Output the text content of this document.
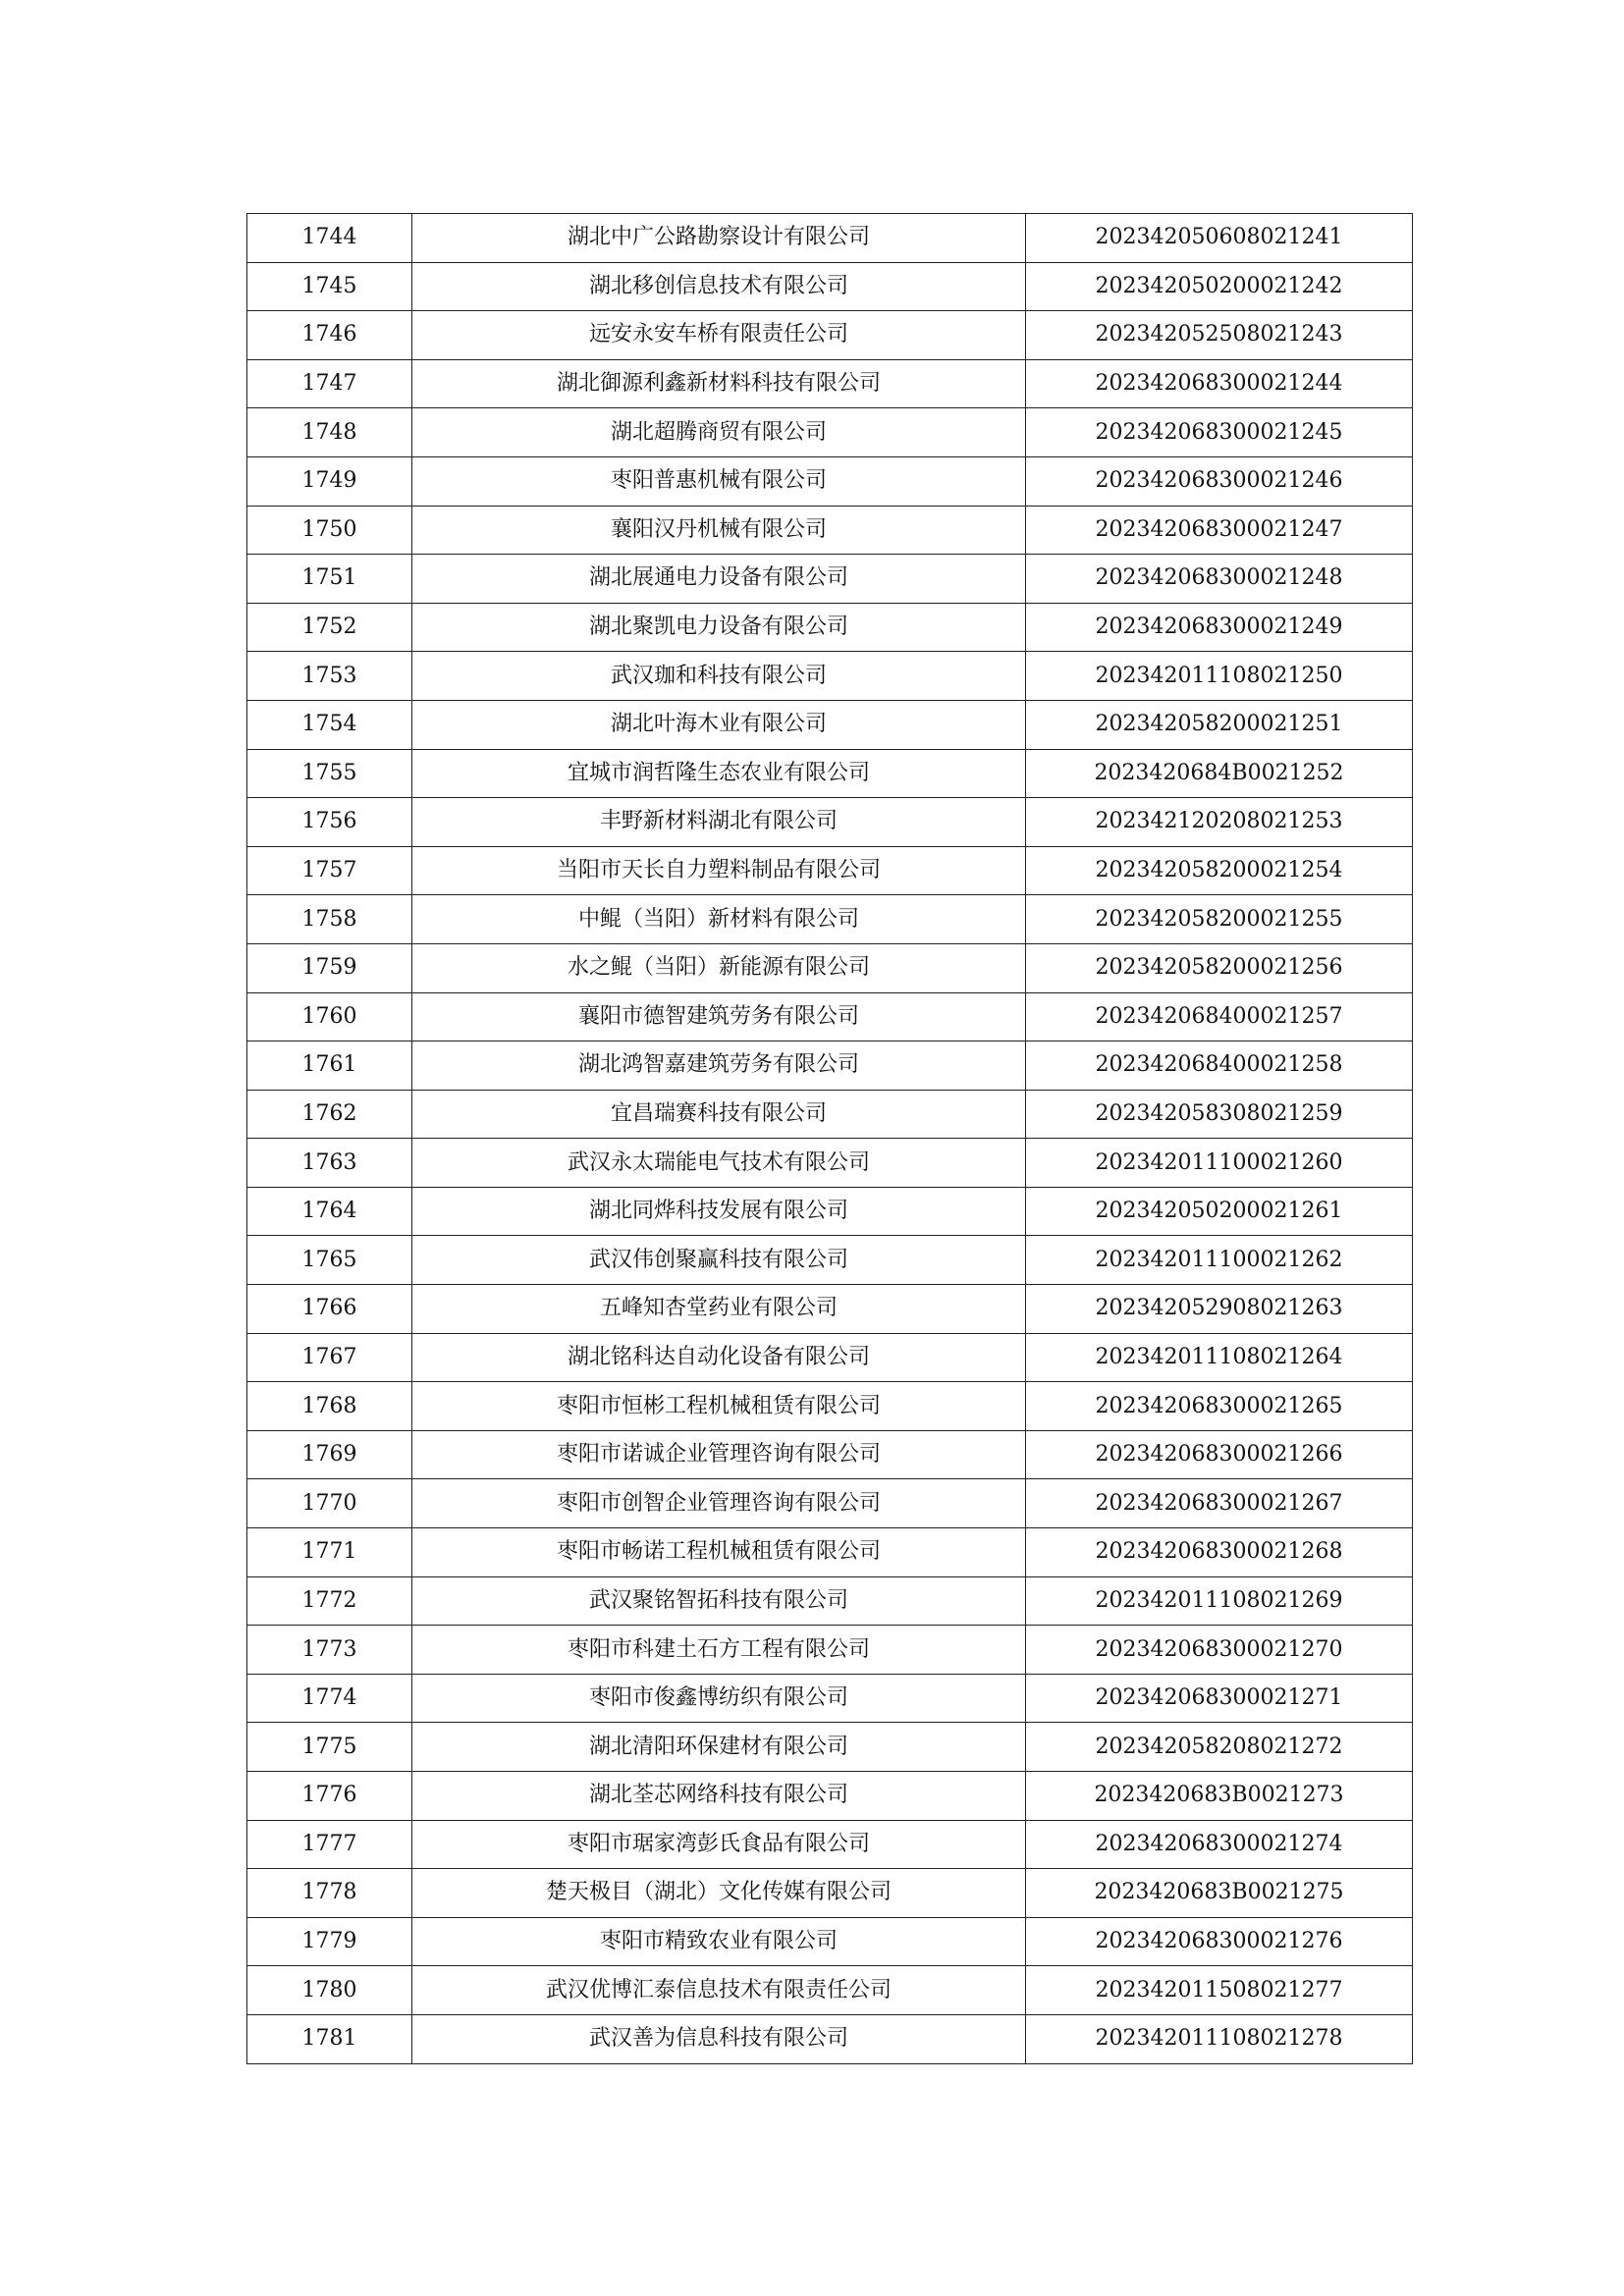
1744	湖北中广公路勘察设计有限公司	202342050608021241
1745	湖北移创信息技术有限公司	202342050200021242
1746	远安永安车桥有限责任公司	202342052508021243
1747	湖北御源利鑫新材料科技有限公司	202342068300021244
1748	湖北超腾商贸有限公司	202342068300021245
1749	枣阳普惠机械有限公司	202342068300021246
1750	襄阳汉丹机械有限公司	202342068300021247
1751	湖北展通电力设备有限公司	202342068300021248
1752	湖北聚凯电力设备有限公司	202342068300021249
1753	武汉珈和科技有限公司	202342011108021250
1754	湖北叶海木业有限公司	202342058200021251
1755	宜城市润哲隆生态农业有限公司	2023420684B0021252
1756	丰野新材料湖北有限公司	202342120208021253
1757	当阳市天长自力塑料制品有限公司	202342058200021254
1758	中鲲（当阳）新材料有限公司	202342058200021255
1759	水之鲲（当阳）新能源有限公司	202342058200021256
1760	襄阳市德智建筑劳务有限公司	202342068400021257
1761	湖北鸿智嘉建筑劳务有限公司	202342068400021258
1762	宜昌瑞赛科技有限公司	202342058308021259
1763	武汉永太瑞能电气技术有限公司	202342011100021260
1764	湖北同烨科技发展有限公司	202342050200021261
1765	武汉伟创聚赢科技有限公司	202342011100021262
1766	五峰知杏堂药业有限公司	202342052908021263
1767	湖北铭科达自动化设备有限公司	202342011108021264
1768	枣阳市恒彬工程机械租赁有限公司	202342068300021265
1769	枣阳市诺诚企业管理咨询有限公司	202342068300021266
1770	枣阳市创智企业管理咨询有限公司	202342068300021267
1771	枣阳市畅诺工程机械租赁有限公司	202342068300021268
1772	武汉聚铭智拓科技有限公司	202342011108021269
1773	枣阳市科建土石方工程有限公司	202342068300021270
1774	枣阳市俊鑫博纺织有限公司	202342068300021271
1775	湖北清阳环保建材有限公司	202342058208021272
1776	湖北荃芯网络科技有限公司	2023420683B0021273
1777	枣阳市琚家湾彭氏食品有限公司	202342068300021274
1778	楚天极目（湖北）文化传媒有限公司	2023420683B0021275
1779	枣阳市精致农业有限公司	202342068300021276
1780	武汉优博汇泰信息技术有限责任公司	202342011508021277
1781	武汉善为信息科技有限公司	202342011108021278
